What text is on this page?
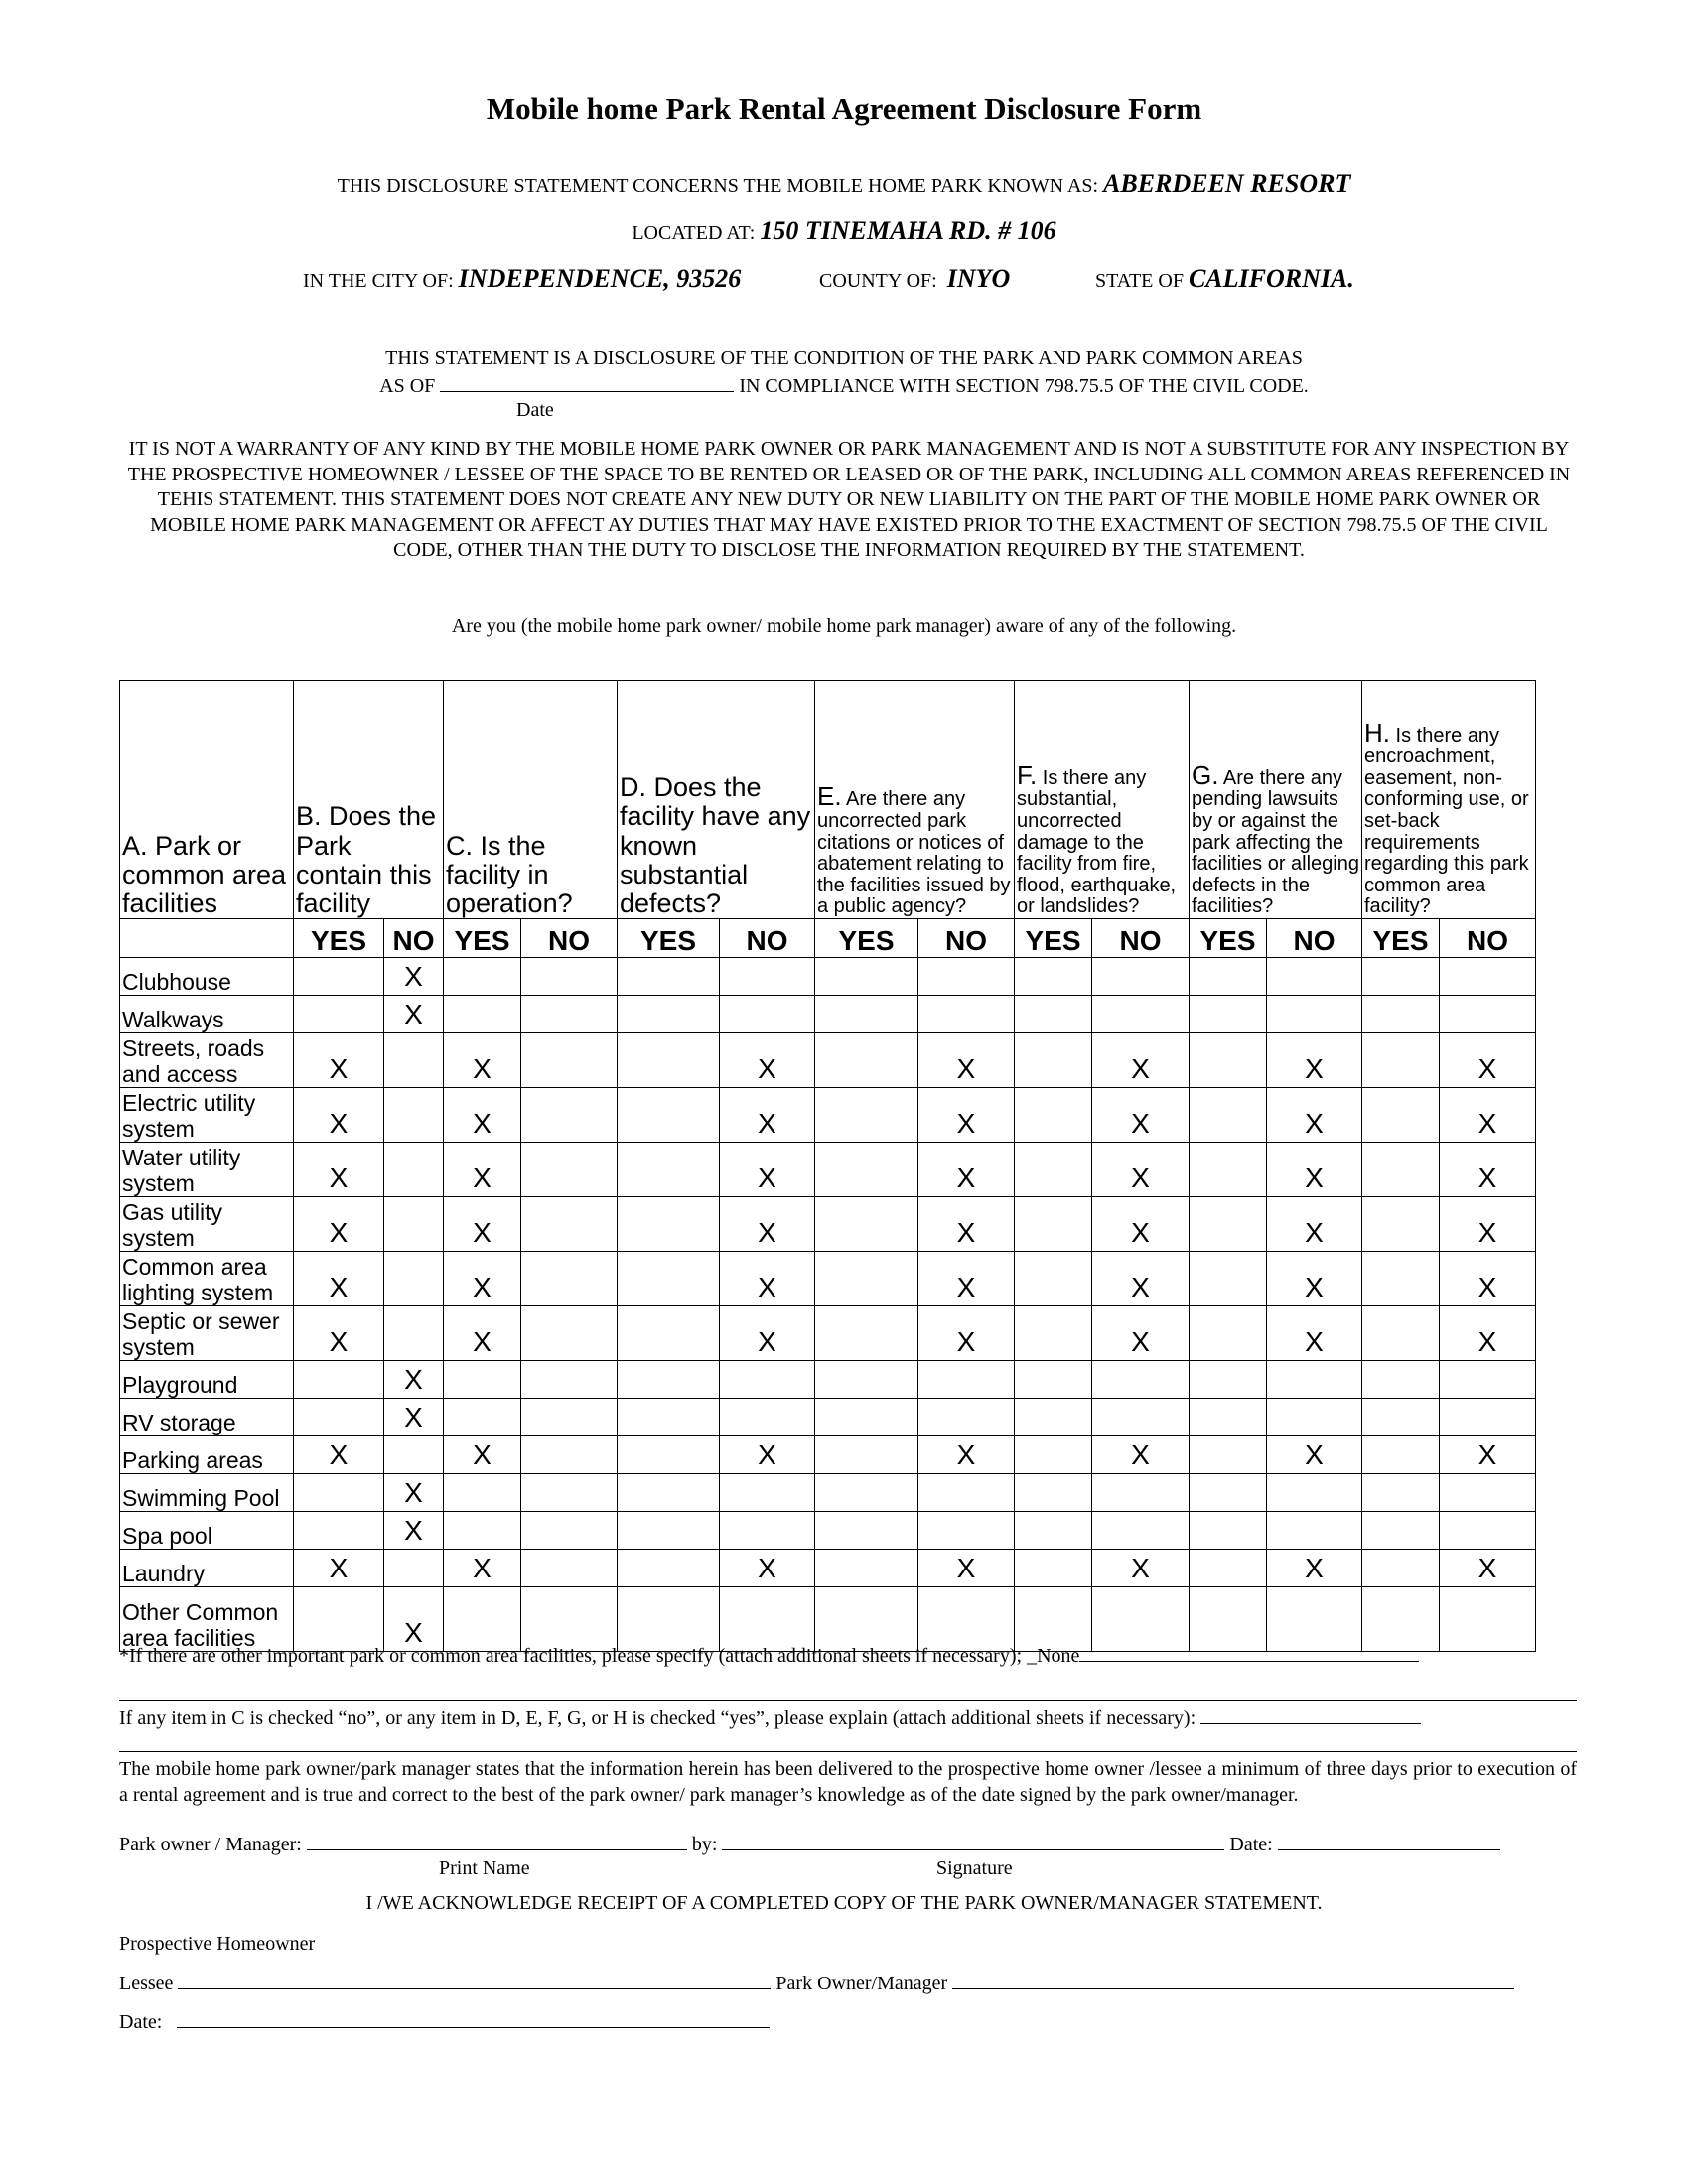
Mobile home Park Rental Agreement Disclosure Form
THIS DISCLOSURE STATEMENT CONCERNS THE MOBILE HOME PARK KNOWN AS: ABERDEEN RESORT
LOCATED AT: 150 TINEMAHA RD. # 106
IN THE CITY OF: INDEPENDENCE, 93526	COUNTY OF: INYO	STATE OF CALIFORNIA.
THIS STATEMENT IS A DISCLOSURE OF THE CONDITION OF THE PARK AND PARK COMMON AREAS
AS OF	IN COMPLIANCE WITH SECTION 798.75.5 OF THE CIVIL CODE.
Date
IT IS NOT A WARRANTY OF ANY KIND BY THE MOBILE HOME PARK OWNER OR PARK MANAGEMENT AND IS NOT A SUBSTITUTE FOR ANY INSPECTION BY THE PROSPECTIVE HOMEOWNER / LESSEE OF THE SPACE TO BE RENTED OR LEASED OR OF THE PARK, INCLUDING ALL COMMON AREAS REFERENCED IN TEHIS STATEMENT. THIS STATEMENT DOES NOT CREATE ANY NEW DUTY OR NEW LIABILITY ON THE PART OF THE MOBILE HOME PARK OWNER OR MOBILE HOME PARK MANAGEMENT OR AFFECT AY DUTIES THAT MAY HAVE EXISTED PRIOR TO THE EXACTMENT OF SECTION 798.75.5 OF THE CIVIL CODE, OTHER THAN THE DUTY TO DISCLOSE THE INFORMATION REQUIRED BY THE STATEMENT.
Are you (the mobile home park owner/ mobile home park manager) aware of any of the following.
A. Park or common area facilities	B. Does the Park contain this facility		C. Is the facility in operation?		D. Does the facility have any known substantial defects?		E. Are there any uncorrected park citations or notices of abatement relating to the facilities issued by a public agency?		F. Is there any substantial, uncorrected damage to the facility from fire, flood, earthquake, or landslides?		G. Are there any pending lawsuits by or against the park affecting the facilities or alleging defects in the facilities?		H. Is there any encroachment, easement, non-conforming use, or set-back requirements regarding this park common area facility?	
	YES	NO	YES	NO	YES	NO	YES	NO	YES	NO	YES	NO	YES	NO
Clubhouse		X												
Walkways		X												
Streets, roads and access	X		X			X		X		X		X		X
Electric utility system	X		X			X		X		X		X		X
Water utility system	X		X			X		X		X		X		X
Gas utility system	X		X			X		X		X		X		X
Common area lighting system	X		X			X		X		X		X		X
Septic or sewer system	X		X			X		X		X		X		X
Playground		X												
RV storage		X												
Parking areas	X		X			X		X		X		X		X
Swimming Pool		X												
Spa pool		X												
Laundry	X		X			X		X		X		X		X
Other Common area facilities		X												
*If there are other important park or common area facilities, please specify (attach additional sheets if necessary); _None
If any item in C is checked “no”, or any item in D, E, F, G, or H is checked “yes”, please explain (attach additional sheets if necessary):
The mobile home park owner/park manager states that the information herein has been delivered to the prospective home owner /lessee a minimum of three days prior to execution of a rental agreement and is true and correct to the best of the park owner/ park manager’s knowledge as of the date signed by the park owner/manager.
Park owner / Manager:	by:	Date:
Print Name	Signature
I /WE ACKNOWLEDGE RECEIPT OF A COMPLETED COPY OF THE PARK OWNER/MANAGER STATEMENT.
Prospective Homeowner
Lessee	Park Owner/Manager
Date:
